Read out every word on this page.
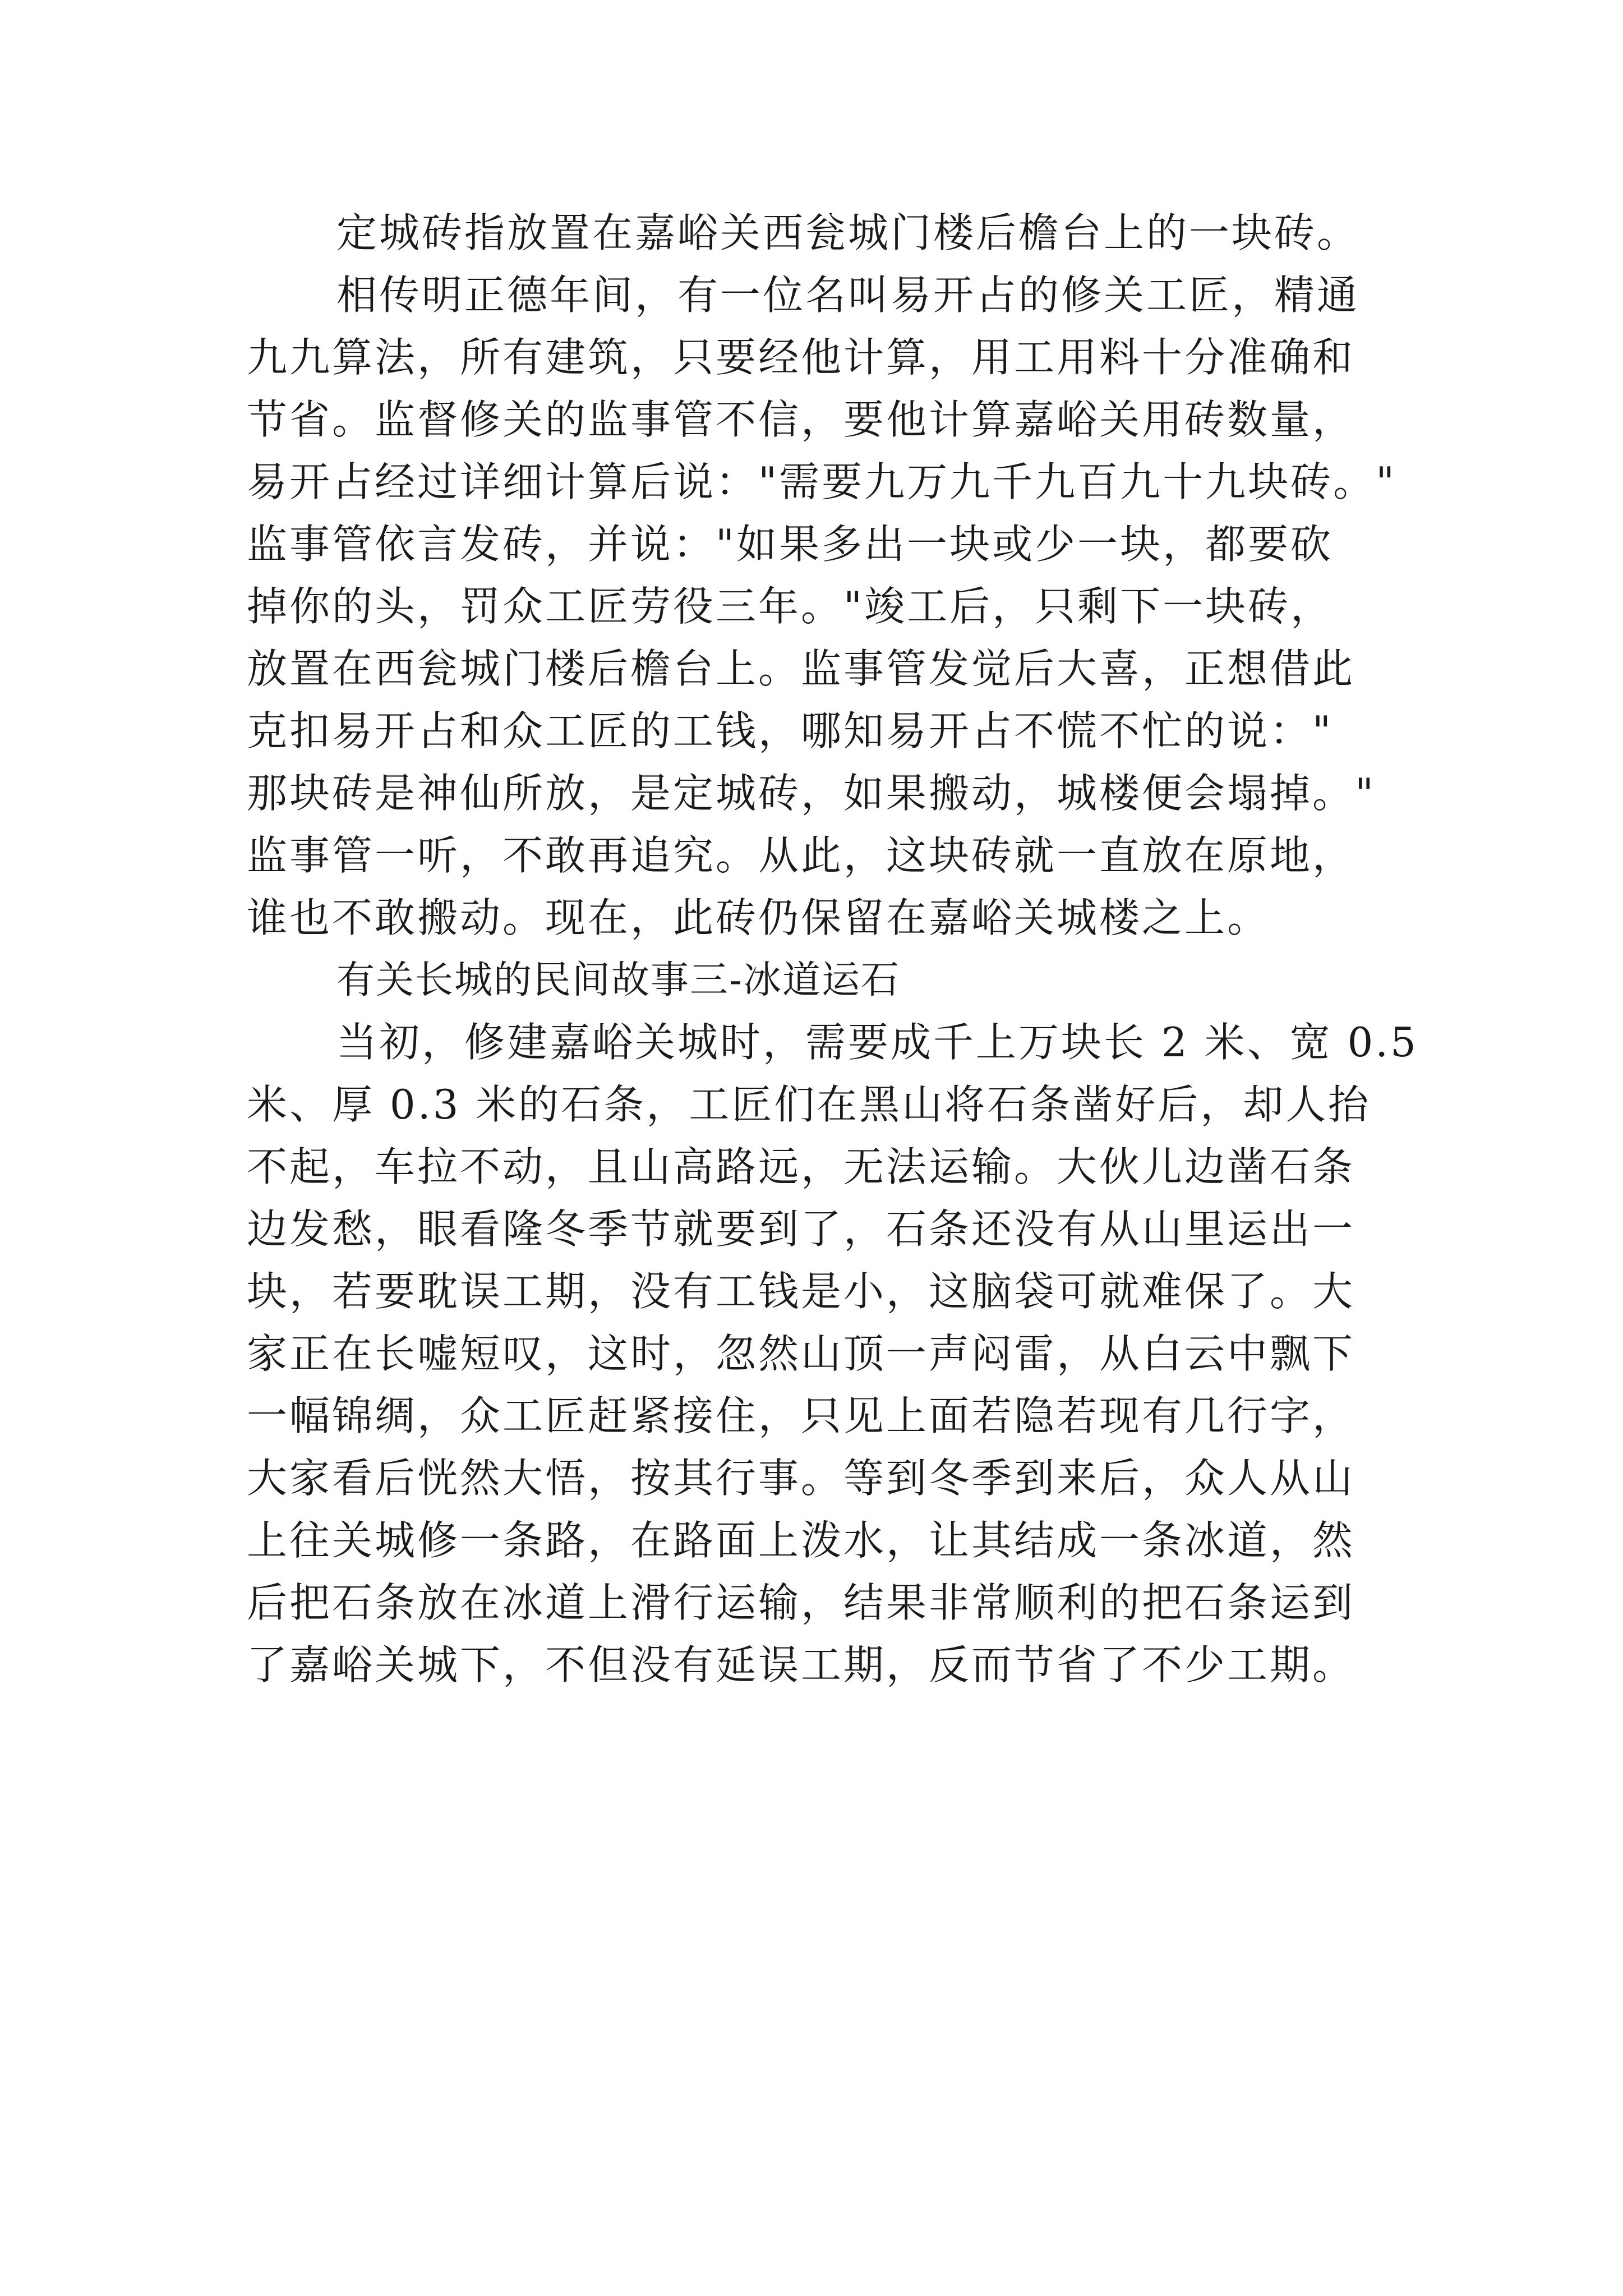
定城砖指放置在嘉峪关西瓮城门楼后檐台上的一块砖。
相传明正德年间，有一位名叫易开占的修关工匠，精通
九九算法，所有建筑，只要经他计算，用工用料十分准确和
节省。监督修关的监事管不信，要他计算嘉峪关用砖数量，
易开占经过详细计算后说："需要九万九千九百九十九块砖。"
监事管依言发砖，并说："如果多出一块或少一块，都要砍
掉你的头，罚众工匠劳役三年。"竣工后，只剩下一块砖，
放置在西瓮城门楼后檐台上。监事管发觉后大喜，正想借此
克扣易开占和众工匠的工钱，哪知易开占不慌不忙的说："
那块砖是神仙所放，是定城砖，如果搬动，城楼便会塌掉。"
监事管一听，不敢再追究。从此，这块砖就一直放在原地，
谁也不敢搬动。现在，此砖仍保留在嘉峪关城楼之上。
有关长城的民间故事三-冰道运石
当初，修建嘉峪关城时，需要成千上万块长 2 米、宽 0.5
米、厚 0.3 米的石条，工匠们在黑山将石条凿好后，却人抬
不起，车拉不动，且山高路远，无法运输。大伙儿边凿石条
边发愁，眼看隆冬季节就要到了，石条还没有从山里运出一
块，若要耽误工期，没有工钱是小，这脑袋可就难保了。大
家正在长嘘短叹，这时，忽然山顶一声闷雷，从白云中飘下
一幅锦绸，众工匠赶紧接住，只见上面若隐若现有几行字，
大家看后恍然大悟，按其行事。等到冬季到来后，众人从山
上往关城修一条路，在路面上泼水，让其结成一条冰道，然
后把石条放在冰道上滑行运输，结果非常顺利的把石条运到
了嘉峪关城下，不但没有延误工期，反而节省了不少工期。
